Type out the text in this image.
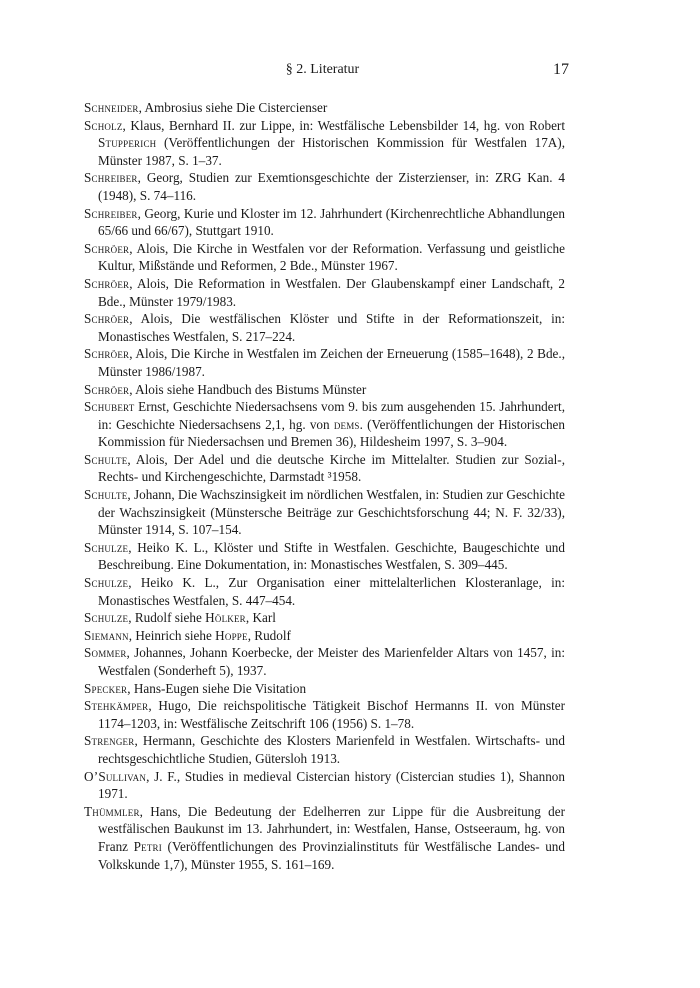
§ 2. Literatur	17

Schneider, Ambrosius siehe Die Cistercienser

Scholz, Klaus, Bernhard II. zur Lippe, in: Westfälische Lebensbilder 14, hg. von Robert Stupperich (Veröffentlichungen der Historischen Kommission für Westfalen 17A), Münster 1987, S. 1–37.

Schreiber, Georg, Studien zur Exemtionsgeschichte der Zisterzienser, in: ZRG Kan. 4 (1948), S. 74–116.

Schreiber, Georg, Kurie und Kloster im 12. Jahrhundert (Kirchenrechtliche Abhandlungen 65/66 und 66/67), Stuttgart 1910.

Schröer, Alois, Die Kirche in Westfalen vor der Reformation. Verfassung und geistliche Kultur, Mißstände und Reformen, 2 Bde., Münster 1967.

Schröer, Alois, Die Reformation in Westfalen. Der Glaubenskampf einer Landschaft, 2 Bde., Münster 1979/1983.

Schröer, Alois, Die westfälischen Klöster und Stifte in der Reformationszeit, in: Monastisches Westfalen, S. 217–224.

Schröer, Alois, Die Kirche in Westfalen im Zeichen der Erneuerung (1585–1648), 2 Bde., Münster 1986/1987.

Schröer, Alois siehe Handbuch des Bistums Münster

Schubert Ernst, Geschichte Niedersachsens vom 9. bis zum ausgehenden 15. Jahrhundert, in: Geschichte Niedersachsens 2,1, hg. von dems. (Veröffentlichungen der Historischen Kommission für Niedersachsen und Bremen 36), Hildesheim 1997, S. 3–904.

Schulte, Alois, Der Adel und die deutsche Kirche im Mittelalter. Studien zur Sozial-, Rechts- und Kirchengeschichte, Darmstadt ³1958.

Schulte, Johann, Die Wachszinsigkeit im nördlichen Westfalen, in: Studien zur Geschichte der Wachszinsigkeit (Münstersche Beiträge zur Geschichtsforschung 44; N. F. 32/33), Münster 1914, S. 107–154.

Schulze, Heiko K. L., Klöster und Stifte in Westfalen. Geschichte, Baugeschichte und Beschreibung. Eine Dokumentation, in: Monastisches Westfalen, S. 309–445.

Schulze, Heiko K. L., Zur Organisation einer mittelalterlichen Klosteranlage, in: Monastisches Westfalen, S. 447–454.

Schulze, Rudolf siehe Hölker, Karl

Siemann, Heinrich siehe Hoppe, Rudolf

Sommer, Johannes, Johann Koerbecke, der Meister des Marienfelder Altars von 1457, in: Westfalen (Sonderheft 5), 1937.

Specker, Hans-Eugen siehe Die Visitation

Stehkämper, Hugo, Die reichspolitische Tätigkeit Bischof Hermanns II. von Münster 1174–1203, in: Westfälische Zeitschrift 106 (1956) S. 1–78.

Strenger, Hermann, Geschichte des Klosters Marienfeld in Westfalen. Wirtschafts- und rechtsgeschichtliche Studien, Gütersloh 1913.

O’Sullivan, J. F., Studies in medieval Cistercian history (Cistercian studies 1), Shannon 1971.

Thümmler, Hans, Die Bedeutung der Edelherren zur Lippe für die Ausbreitung der westfälischen Baukunst im 13. Jahrhundert, in: Westfalen, Hanse, Ostseeraum, hg. von Franz Petri (Veröffentlichungen des Provinzialinstituts für Westfälische Landes- und Volkskunde 1,7), Münster 1955, S. 161–169.
